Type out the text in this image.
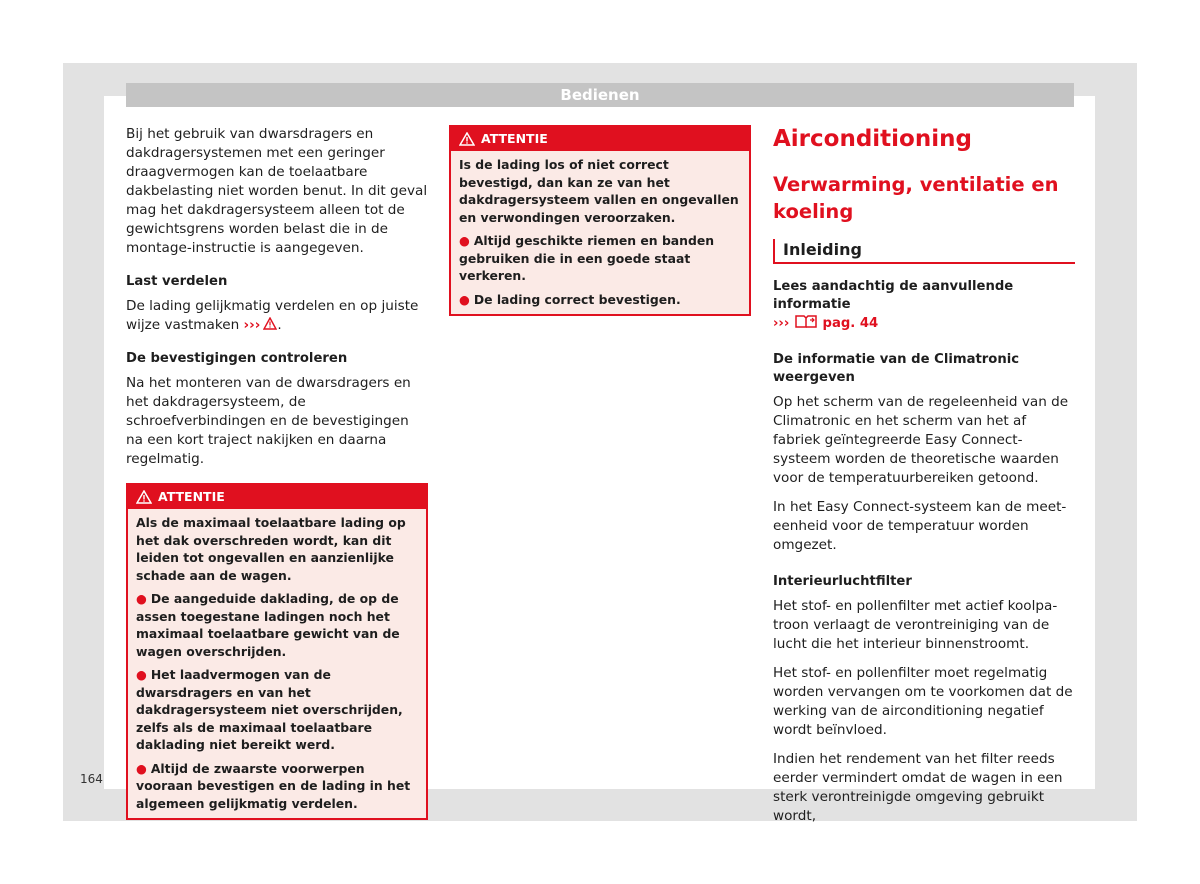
Bedienen

Bij het gebruik van dwarsdragers en dakdragersystemen met een geringer draagvermogen kan de toelaatbare dakbelasting niet worden benut. In dit geval mag het dakdragersysteem alleen tot de gewichtsgrens worden belast die in de montage-instructie is aangegeven.

Last verdelen

De lading gelijkmatig verdelen en op juiste wijze vastmaken ››› .

De bevestigingen controleren

Na het monteren van de dwarsdragers en het dakdragersysteem, de schroefverbindingen en de bevestigingen na een kort traject nakijken en daarna regelmatig.

ATTENTIE

Als de maximaal toelaatbare lading op het dak overschreden wordt, kan dit leiden tot ongevallen en aanzienlijke schade aan de wagen.

● De aangeduide daklading, de op de assen toegestane ladingen noch het maximaal toelaatbare gewicht van de wagen overschrijden.

● Het laadvermogen van de dwarsdragers en van het dakdragersysteem niet overschrijden, zelfs als de maximaal toelaatbare daklading niet bereikt werd.

● Altijd de zwaarste voorwerpen vooraan bevestigen en de lading in het algemeen gelijkmatig verdelen.

ATTENTIE

Is de lading los of niet correct bevestigd, dan kan ze van het dakdragersysteem vallen en ongevallen en verwondingen veroorzaken.

● Altijd geschikte riemen en banden gebruiken die in een goede staat verkeren.

● De lading correct bevestigen.

Airconditioning
Verwarming, ventilatie en koeling
Inleiding
Lees aandachtig de aanvullende informatie
›››	pag. 44
De informatie van de Climatronic weergeven

Op het scherm van de regeleenheid van de Climatronic en het scherm van het af fabriek geïntegreerde Easy Connect-systeem worden de theoretische waarden voor de temperatuurbereiken getoond.

In het Easy Connect-systeem kan de meeteenheid voor de temperatuur worden omgezet.

Interieurluchtfilter

Het stof- en pollenfilter met actief koolpatroon verlaagt de verontreiniging van de lucht die het interieur binnenstroomt.

Het stof- en pollenfilter moet regelmatig worden vervangen om te voorkomen dat de werking van de airconditioning negatief wordt beïnvloed.

Indien het rendement van het filter reeds eerder vermindert omdat de wagen in een sterk verontreinigde omgeving gebruikt wordt,

164
